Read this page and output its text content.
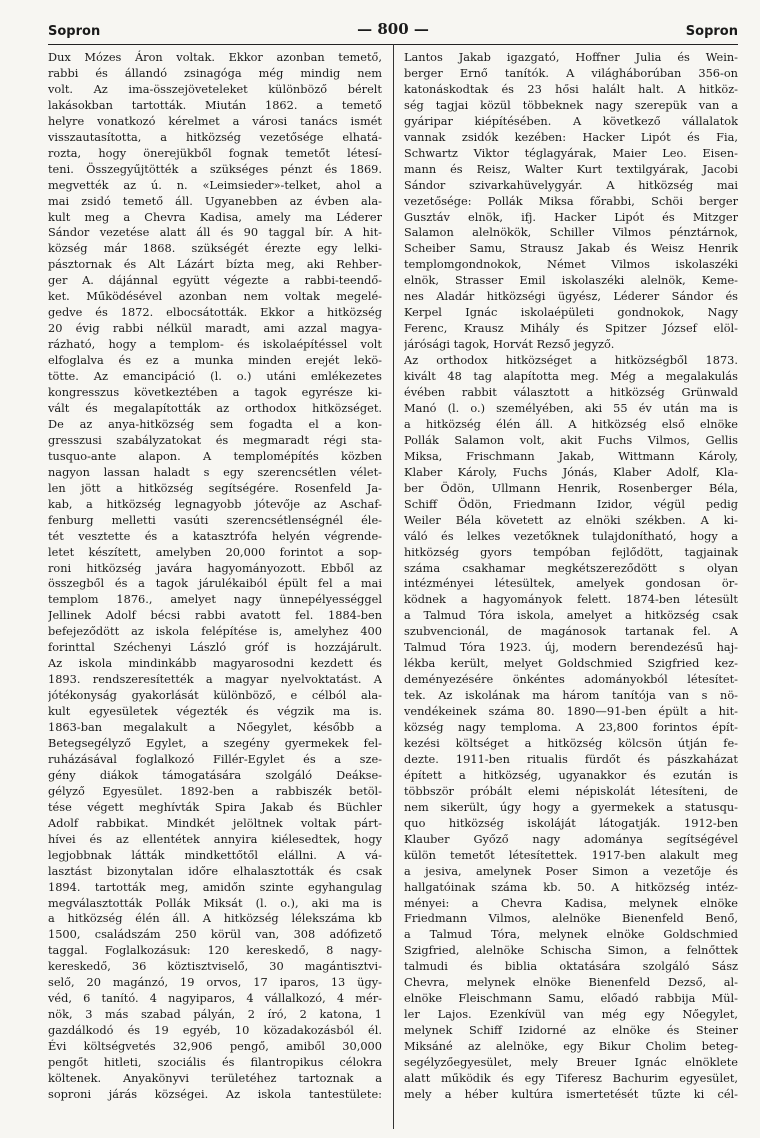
Sopron	— 800 —	Sopron
Dux Mózes Áron voltak. Ekkor azonban temető,
rabbi és állandó zsinagóga még mindig nem
volt. Az ima-összejöveteleket különböző bérelt
lakásokban tartották. Miután 1862. a temető
helyre vonatkozó kérelmet a városi tanács ismét
visszautasította, a hitközség vezetősége elhatá-
rozta, hogy önerejükből fognak temetőt létesí-
teni. Összegyűjtötték a szükséges pénzt és 1869.
megvették az ú. n. «Leimsieder»-telket, ahol a
mai zsidó temető áll. Ugyanebben az évben ala-
kult meg a Chevra Kadisa, amely ma Léderer
Sándor vezetése alatt áll és 90 taggal bír. A hit-
község már 1868. szükségét érezte egy lelki-
pásztornak és Alt Lázárt bízta meg, aki Rehber-
ger A. dájánnal együtt végezte a rabbi-teendő-
ket. Működésével azonban nem voltak megelé-
gedve és 1872. elbocsátották. Ekkor a hitközség
20 évig rabbi nélkül maradt, ami azzal magya-
rázható, hogy a templom- és iskolaépítéssel volt
elfoglalva és ez a munka minden erejét lekö-
tötte. Az emancipáció (l. o.) utáni emlékezetes
kongresszus következtében a tagok egyrésze ki-
vált és megalapították az orthodox hitközséget.
De az anya-hitközség sem fogadta el a kon-
gresszusi szabályzatokat és megmaradt régi sta-
tusquo-ante alapon. A templomépítés közben
nagyon lassan haladt s egy szerencsétlen vélet-
len jött a hitközség segítségére. Rosenfeld Ja-
kab, a hitközség legnagyobb jótevője az Aschaf-
fenburg melletti vasúti szerencsétlenségnél éle-
tét vesztette és a katasztrófa helyén végrende-
letet készített, amelyben 20,000 forintot a sop-
roni hitközség javára hagyományozott. Ebből az
összegből és a tagok járulékaiból épült fel a mai
templom 1876., amelyet nagy ünnepélyességgel
Jellinek Adolf bécsi rabbi avatott fel. 1884-ben
befejeződött az iskola felépítése is, amelyhez 400
forinttal Széchenyi László gróf is hozzájárult.
Az iskola mindinkább magyarosodni kezdett és
1893. rendszeresítették a magyar nyelvoktatást. A
jótékonyság gyakorlását különböző, e célból ala-
kult egyesületek végezték és végzik ma is.
1863-ban megalakult a Nőegylet, később a
Betegsegélyző Egylet, a szegény gyermekek fel-
ruházásával foglalkozó Fillér-Egylet és a sze-
gény diákok támogatására szolgáló Deákse-
gélyző Egyesület. 1892-ben a rabbiszék betöl-
tése végett meghívták Spira Jakab és Büchler
Adolf rabbikat. Mindkét jelöltnek voltak párt-
hívei és az ellentétek annyira kiélesedtek, hogy
legjobbnak látták mindkettőtől elállni. A vá-
lasztást bizonytalan időre elhalasztották és csak
1894. tartották meg, amidőn szinte egyhangulag
megválasztották Pollák Miksát (l. o.), aki ma is
a hitközség élén áll. A hitközség lélekszáma kb
1500, családszám 250 körül van, 308 adófizető
taggal. Foglalkozásuk: 120 kereskedő, 8 nagy-
kereskedő, 36 köztisztviselő, 30 magántisztvi-
selő, 20 magánzó, 19 orvos, 17 iparos, 13 ügy-
véd, 6 tanító. 4 nagyiparos, 4 vállalkozó, 4 mér-
nök, 3 más szabad pályán, 2 író, 2 katona, 1
gazdálkodó és 19 egyéb, 10 közadakozásból él.
Évi költségvetés 32,906 pengő, amiből 30,000
pengőt hitleti, szociális és filantropikus célokra
költenek. Anyakönyvi területéhez tartoznak a
soproni járás községei. Az iskola tantestülete:
Lantos Jakab igazgató, Hoffner Julia és Wein-
berger Ernő tanítók. A világháborúban 356-on
katonáskodtak és 23 hősi halált halt. A hitköz-
ség tagjai közül többeknek nagy szerepük van a
gyáripar kiépítésében. A következő vállalatok
vannak zsidók kezében: Hacker Lipót és Fia,
Schwartz Viktor téglagyárak, Maier Leo. Eisen-
mann és Reisz, Walter Kurt textilgyárak, Jacobi
Sándor szivarkahüvelygyár. A hitközség mai
vezetősége: Pollák Miksa főrabbi, Schöi berger
Gusztáv elnök, ifj. Hacker Lipót és Mitzger
Salamon alelnökök, Schiller Vilmos pénztárnok,
Scheiber Samu, Strausz Jakab és Weisz Henrik
templomgondnokok, Német Vilmos iskolaszéki
elnök, Strasser Emil iskolaszéki alelnök, Keme-
nes Aladár hitközségi ügyész, Léderer Sándor és
Kerpel Ignác iskolaépületi gondnokok, Nagy
Ferenc, Krausz Mihály és Spitzer József elöl-
járósági tagok, Horvát Rezső jegyző.
Az orthodox hitközséget a hitközségből 1873.
kivált 48 tag alapította meg. Még a megalakulás
évében rabbit választott a hitközség Grünwald
Manó (l. o.) személyében, aki 55 év után ma is
a hitközség élén áll. A hitközség első elnöke
Pollák Salamon volt, akit Fuchs Vilmos, Gellis
Miksa, Frischmann Jakab, Wittmann Károly,
Klaber Károly, Fuchs Jónás, Klaber Adolf, Kla-
ber Ödön, Ullmann Henrik, Rosenberger Béla,
Schiff Ödön, Friedmann Izidor, végül pedig
Weiler Béla követett az elnöki székben. A ki-
váló és lelkes vezetőknek tulajdonítható, hogy a
hitközség gyors tempóban fejlődött, tagjainak
száma csakhamar megkétszereződött s olyan
intézményei létesültek, amelyek gondosan ör-
ködnek a hagyományok felett. 1874-ben létesült
a Talmud Tóra iskola, amelyet a hitközség csak
szubvencionál, de magánosok tartanak fel. A
Talmud Tóra 1923. új, modern berendezésű haj-
lékba került, melyet Goldschmied Szigfried kez-
deményezésére önkéntes adományokból létesítet-
tek. Az iskolának ma három tanítója van s nö-
vendékeinek száma 80. 1890—91-ben épült a hit-
község nagy temploma. A 23,800 forintos épít-
kezési költséget a hitközség kölcsön útján fe-
dezte. 1911-ben ritualis fürdőt és pászkaházat
épített a hitközség, ugyanakkor és ezután is
többször próbált elemi népiskolát létesíteni, de
nem sikerült, úgy hogy a gyermekek a statusqu-
quo hitközség iskoláját látogatják. 1912-ben
Klauber Győző nagy adománya segítségével
külön temetőt létesítettek. 1917-ben alakult meg
a jesiva, amelynek Poser Simon a vezetője és
hallgatóinak száma kb. 50. A hitközség intéz-
ményei: a Chevra Kadisa, melynek elnöke
Friedmann Vilmos, alelnöke Bienenfeld Benő,
a Talmud Tóra, melynek elnöke Goldschmied
Szigfried, alelnöke Schischa Simon, a felnőttek
talmudi és biblia oktatására szolgáló Sász
Chevra, melynek elnöke Bienenfeld Dezső, al-
elnöke Fleischmann Samu, előadó rabbija Mül-
ler Lajos. Ezenkívül van még egy Nőegylet,
melynek Schiff Izidorné az elnöke és Steiner
Miksáné az alelnöke, egy Bikur Cholim beteg-
segélyzőegyesület, mely Breuer Ignác elnöklete
alatt működik és egy Tiferesz Bachurim egyesület,
mely a héber kultúra ismertetését tűzte ki cél-
